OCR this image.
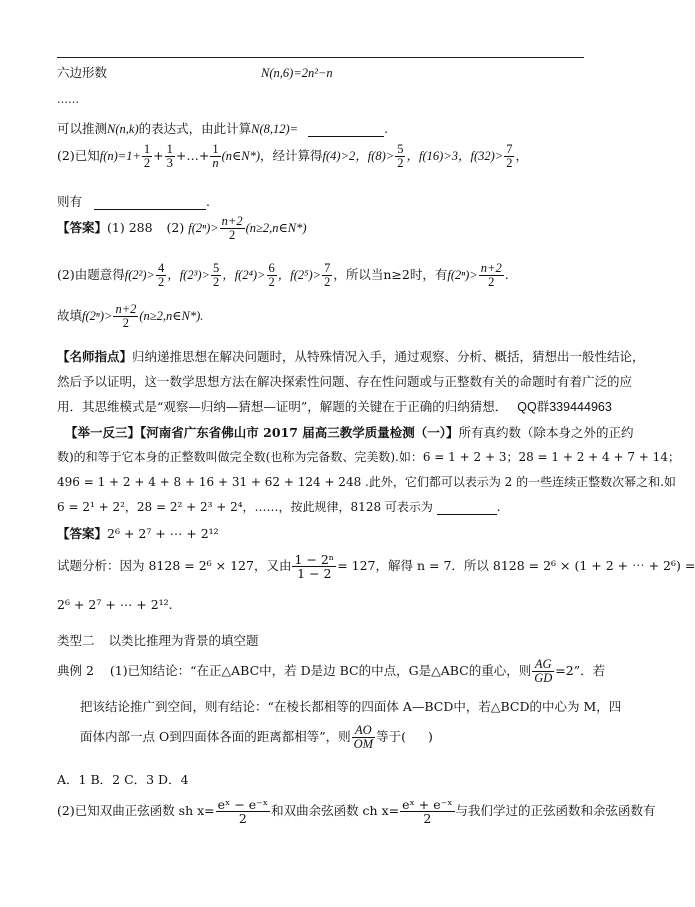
六边形数	N(n,6)=2n²−n
……
可以推测N(n,k)的表达式，由此计算N(8,12)=	.
(2)已知$f(n)=1+ \frac{1}{2} + \frac{1}{3}$ +…+ $\frac{1}{n}$ (n∈N*)，经计算得f(4)>2，$f(8)> \frac{5}{2}$ ，f(16)>3，$f(32)> \frac{7}{2}$ ，
则有	.
【答案】(1) 288 (2) $f(2^n)> \frac{n+2}{2}$ (n≥2,n∈N*)
(2)由题意得$f(2^2)> \frac{4}{2}$ ，$f(2^3)> \frac{5}{2}$ ，$f(2^4)> \frac{6}{2}$ ，$f(2^5)> \frac{7}{2}$ ，所以当n≥2时，有$f(2^n)> \frac{n+2}{2}$ .
故填$f(2^n)> \frac{n+2}{2}$ (n≥2,n∈N*).
【名师指点】归纳递推思想在解决问题时，从特殊情况入手，通过观察、分析、概括，猜想出一般性结论，
然后予以证明，这一数学思想方法在解决探索性问题、存在性问题或与正整数有关的命题时有着广泛的应
用．其思维模式是“观察—归纳—猜想—证明”，解题的关键在于正确的归纳猜想． QQ群339444963
【举一反三】【河南省广东省佛山市 2017 届高三教学质量检测（一）】所有真约数（除本身之外的正约
数)的和等于它本身的正整数叫做完全数(也称为完备数、完美数).如：6 = 1 + 2 + 3；28 = 1 + 2 + 4 + 7 + 14；
496 = 1 + 2 + 4 + 8 + 16 + 31 + 62 + 124 + 248 .此外，它们都可以表示为 2 的一些连续正整数次幂之和.如
6 = 2¹ + 2²，28 = 2² + 2³ + 2⁴，……，按此规律，8128 可表示为	.
【答案】2⁶ + 2⁷ + ⋯ + 2¹²
试题分析：因为 8128 = 2⁶ × 127，又由 $\frac{\text{1 − 2ⁿ}}{1 - 2} = 127$，解得 n = 7．所以 8128 = 2⁶ × (1 + 2 + ⋯ + 2⁶) =
2⁶ + 2⁷ + ⋯ + 2¹².
类型二 以类比推理为背景的填空题
典例 2 (1)已知结论：“在正△ABC中，若 D是边 BC的中点，G是△ABC的重心，则 $\frac{AG}{GD} =2$”．若
把该结论推广到空间，则有结论：“在棱长都相等的四面体 A—BCD中，若△BCD的中心为 M，四
面体内部一点 O到四面体各面的距离都相等”，则 $\frac{AO}{OM}$ 等于( )
A．1 B．2 C．3 D．4
(2)已知双曲正弦函数 sh $x= \frac{\text{eˣ − e⁻ˣ}}{2}$ 和双曲余弦函数 ch $x= \frac{\text{eˣ + e⁻ˣ}}{2}$ 与我们学过的正弦函数和余弦函数有
